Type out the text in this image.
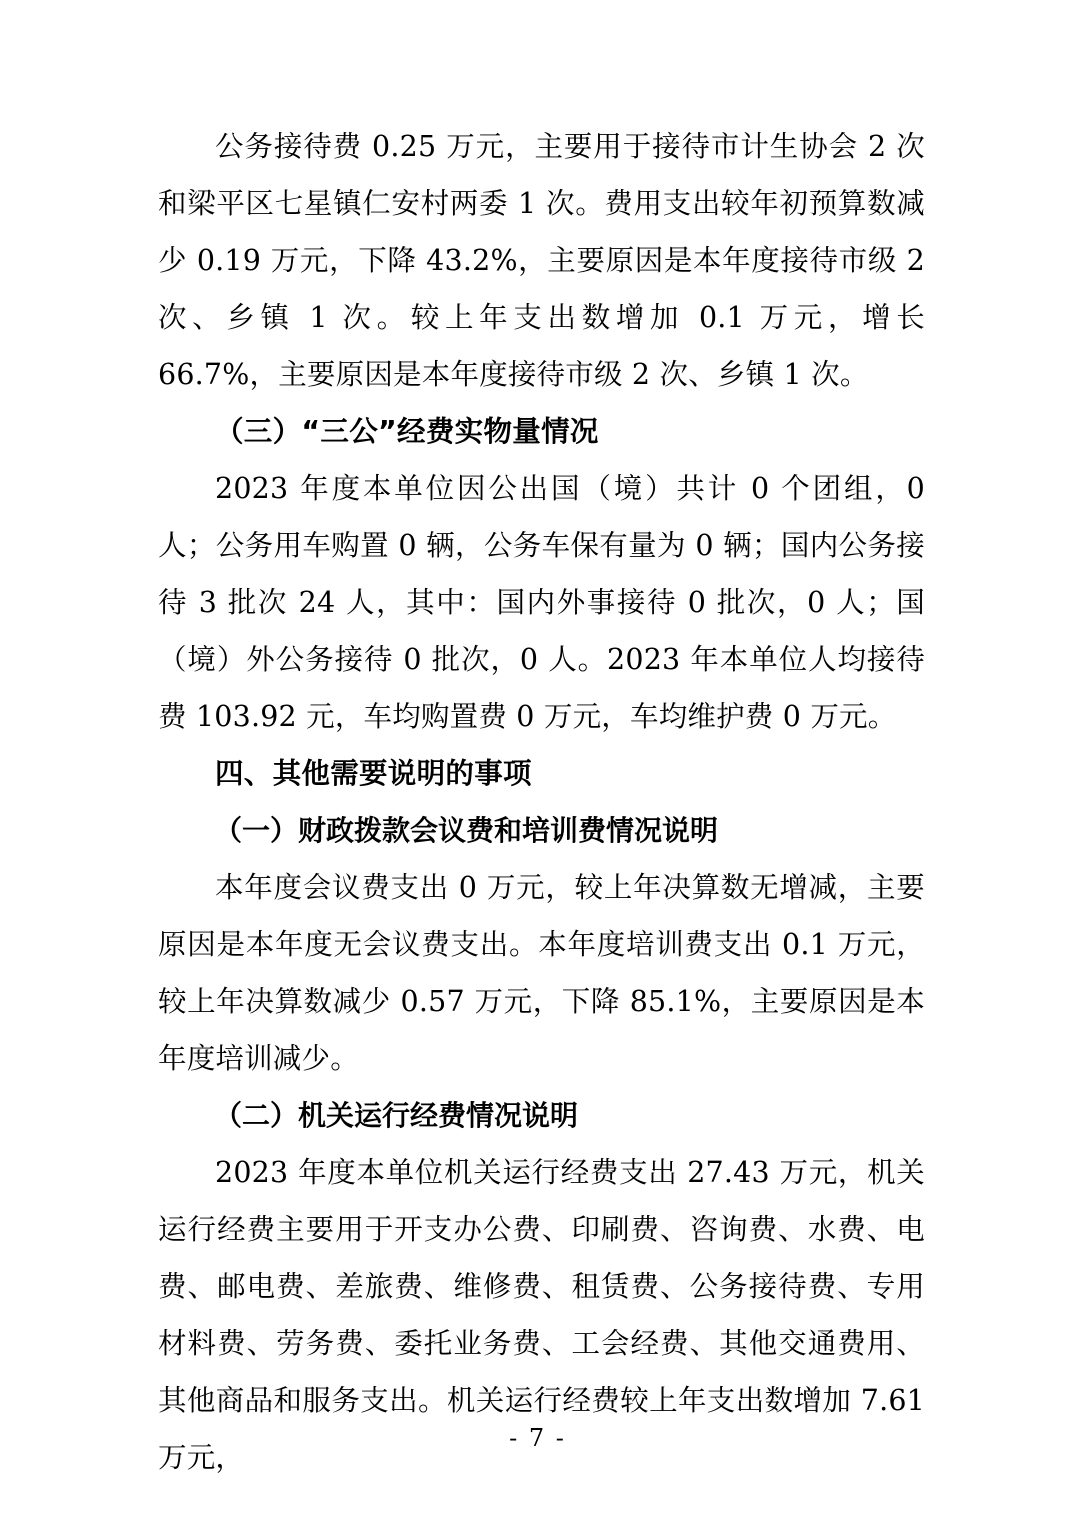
公务接待费 0.25 万元，主要用于接待市计生协会 2 次和梁平区七星镇仁安村两委 1 次。费用支出较年初预算数减少 0.19 万元，下降 43.2%，主要原因是本年度接待市级 2 次、乡镇 1 次。较上年支出数增加 0.1 万元，增长 66.7%，主要原因是本年度接待市级 2 次、乡镇 1 次。

（三）“三公”经费实物量情况

2023 年度本单位因公出国（境）共计 0 个团组，0 人；公务用车购置 0 辆，公务车保有量为 0 辆；国内公务接待 3 批次 24 人，其中：国内外事接待 0 批次，0 人；国（境）外公务接待 0 批次，0 人。2023 年本单位人均接待费 103.92 元，车均购置费 0 万元，车均维护费 0 万元。

四、其他需要说明的事项

（一）财政拨款会议费和培训费情况说明

本年度会议费支出 0 万元，较上年决算数无增减，主要原因是本年度无会议费支出。本年度培训费支出 0.1 万元，较上年决算数减少 0.57 万元，下降 85.1%，主要原因是本年度培训减少。

（二）机关运行经费情况说明

2023 年度本单位机关运行经费支出 27.43 万元，机关运行经费主要用于开支办公费、印刷费、咨询费、水费、电费、邮电费、差旅费、维修费、租赁费、公务接待费、专用材料费、劳务费、委托业务费、工会经费、其他交通费用、其他商品和服务支出。机关运行经费较上年支出数增加 7.61 万元，

- 7 -
